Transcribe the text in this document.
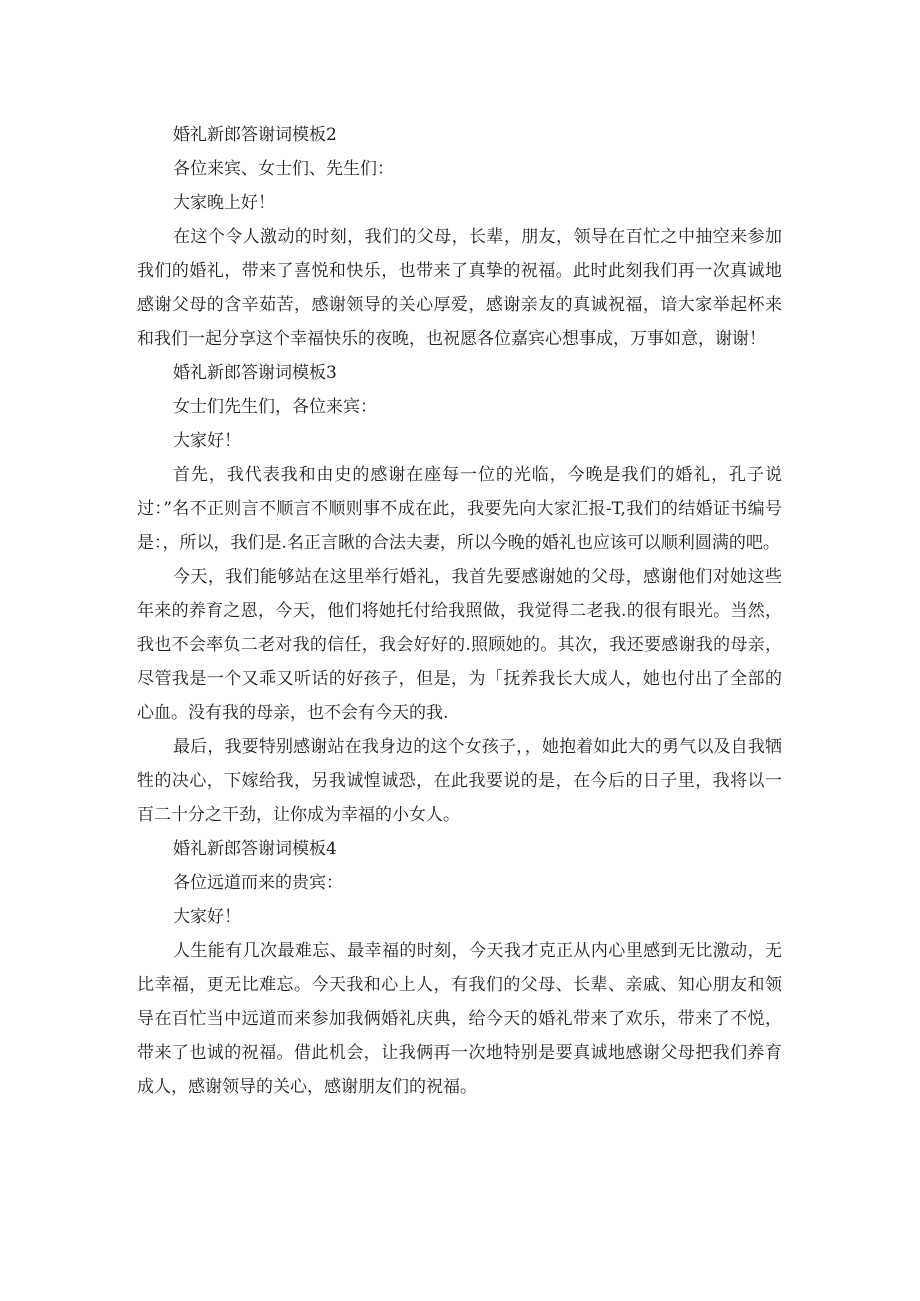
婚礼新郎答谢词模板2

各位来宾、女士们、先生们：

大家晚上好！

在这个令人激动的时刻，我们的父母，长辈，朋友，领导在百忙之中抽空来参加我们的婚礼，带来了喜悦和快乐，也带来了真挚的祝福。此时此刻我们再一次真诚地感谢父母的含辛茹苦，感谢领导的关心厚爱，感谢亲友的真诚祝福，谙大家举起杯来和我们一起分享这个幸福快乐的夜晚，也祝愿各位嘉宾心想事成，万事如意，谢谢！

婚礼新郎答谢词模板3

女士们先生们，各位来宾：

大家好！

首先，我代表我和由史的感谢在座每一位的光临，今晚是我们的婚礼，孔子说过：”名不正则言不顺言不顺则事不成在此，我要先向大家汇报-T,我们的结婚证书编号是：，所以，我们是.名正言瞅的合法夫妻，所以今晚的婚礼也应该可以顺利圆满的吧。

今天，我们能够站在这里举行婚礼，我首先要感谢她的父母，感谢他们对她这些年来的养育之恩，今天，他们将她托付给我照做，我觉得二老我.的很有眼光。当然，我也不会率负二老对我的信任，我会好好的.照顾她的。其次，我还要感谢我的母亲，尽管我是一个又乖又听话的好孩子，但是，为「抚养我长大成人，她也付出了全部的心血。没有我的母亲，也不会有今天的我.

最后，我要特别感谢站在我身边的这个女孩子，，她抱着如此大的勇气以及自我牺牲的决心，下嫁给我，另我诚惶诚恐，在此我要说的是，在今后的日子里，我将以一百二十分之干劲，让你成为幸福的小女人。

婚礼新郎答谢词模板4

各位远道而来的贵宾：

大家好！

人生能有几次最难忘、最幸福的时刻，今天我才克正从内心里感到无比激动，无比幸福，更无比难忘。今天我和心上人，有我们的父母、长辈、亲戚、知心朋友和领导在百忙当中远道而来参加我俩婚礼庆典，给今天的婚礼带来了欢乐，带来了不悦，带来了也诚的祝福。借此机会，让我俩再一次地特别是要真诚地感谢父母把我们养育成人，感谢领导的关心，感谢朋友们的祝福。
